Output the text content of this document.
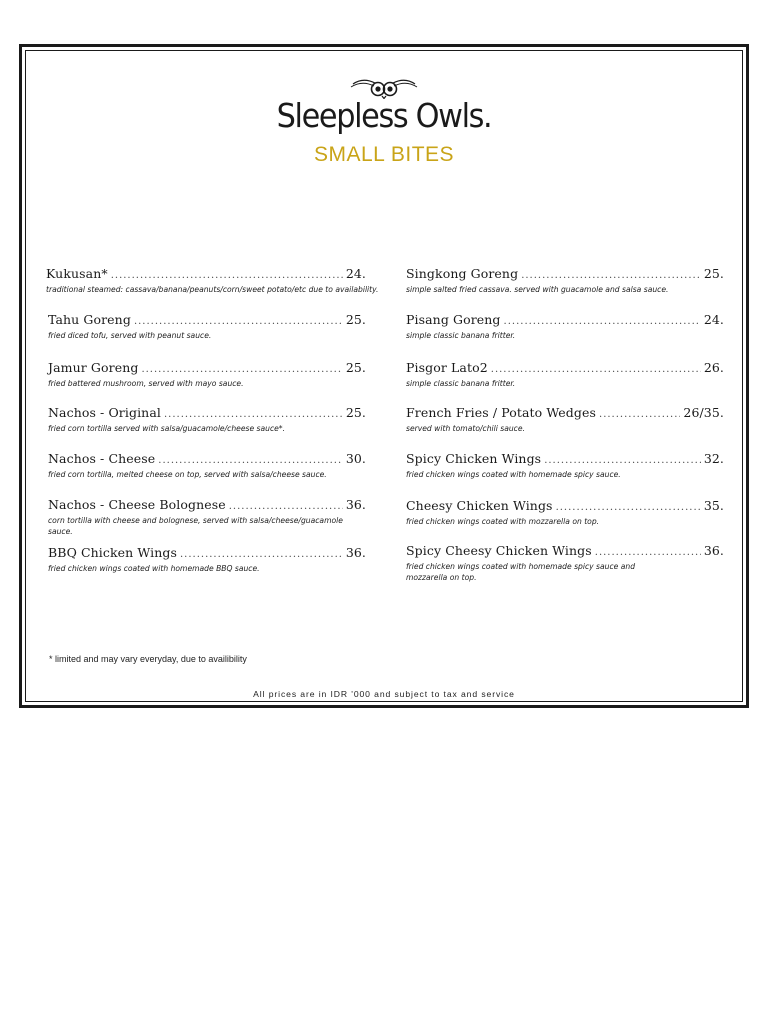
Sleepless Owls.
SMALL BITES
Kukusan* .....	24.
traditional steamed: cassava/banana/peanuts/corn/sweet potato/etc due to availability.
Tahu Goreng .....	25.
fried diced tofu, served with peanut sauce.
Jamur Goreng .....	25.
fried battered mushroom, served with mayo sauce.
Nachos - Original .....	25.
fried corn tortilla served with salsa/guacamole/cheese sauce*.
Nachos - Cheese .....	30.
fried corn tortilla, melted cheese on top, served with salsa/cheese sauce.
Nachos - Cheese Bolognese .....	36.
corn tortilla with cheese and bolognese, served with salsa/cheese/guacamole sauce.
BBQ Chicken Wings .....	36.
fried chicken wings coated with homemade BBQ sauce.
Singkong Goreng .....	25.
simple salted fried cassava. served with guacamole and salsa sauce.
Pisang Goreng .....	24.
simple classic banana fritter.
Pisgor Lato2 .....	26.
simple classic banana fritter.
French Fries / Potato Wedges .....	26/35.
served with tomato/chili sauce.
Spicy Chicken Wings .....	32.
fried chicken wings coated with homemade spicy sauce.
Cheesy Chicken Wings .....	35.
fried chicken wings coated with mozzarella on top.
Spicy Cheesy Chicken Wings .....	36.
fried chicken wings coated with homemade spicy sauce and mozzarella on top.
* limited and may vary everyday, due to availibility
All prices are in IDR '000 and subject to tax and service
